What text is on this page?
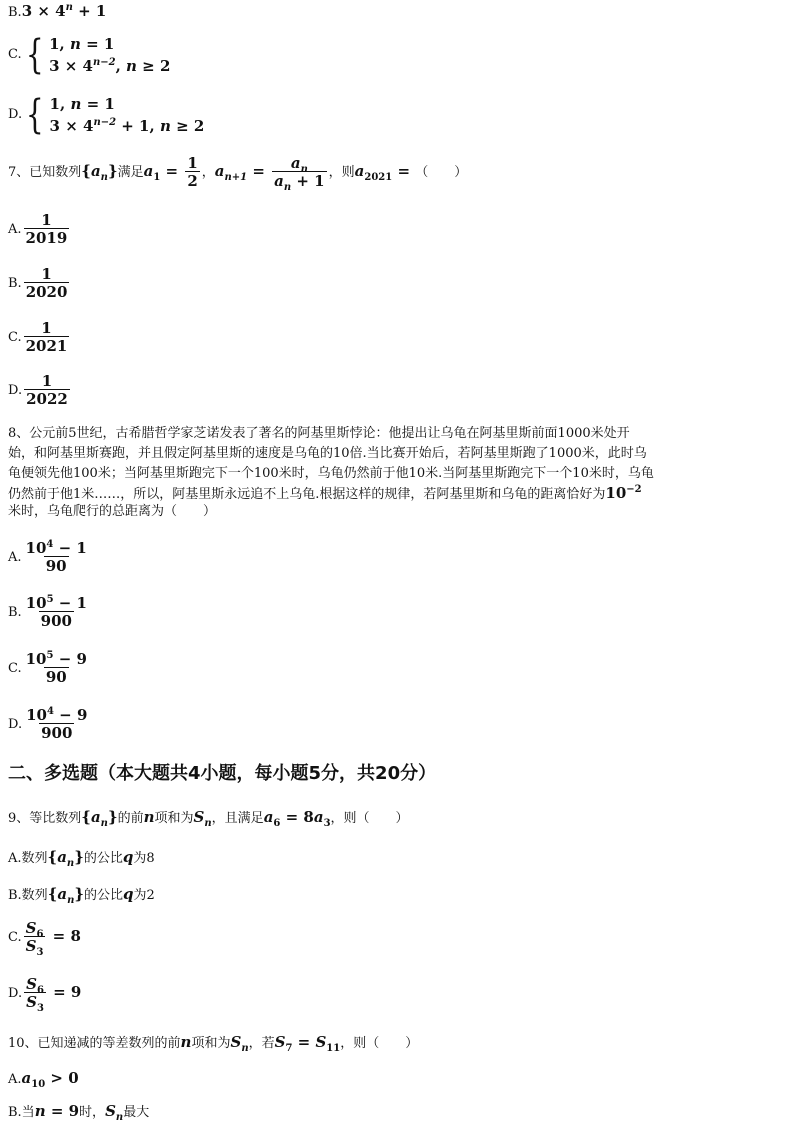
$B.3 \times 4^n + 1$
C. { 1, n = 1
$3 \times 4^{n-2}$, n ≥ 2
D. { 1, n = 1
$3 \times 4^{n-2} + 1$, n ≥ 2
7、已知数列$\{a_n\}$满足$a_1 = \frac{1}{2}$ ，$a_{n+1} = \frac{a_n}{a_n + 1}$ ，则$a_{2021}$ = （　　）
A. $\frac{1}{2019}$
B. $\frac{1}{2020}$
C. $\frac{1}{2021}$
D. $\frac{1}{2022}$
8、公元前5世纪，古希腊哲学家芝诺发表了著名的阿基里斯悖论：他提出让乌龟在阿基里斯前面1000米处开
始，和阿基里斯赛跑，并且假定阿基里斯的速度是乌龟的10倍.当比赛开始后，若阿基里斯跑了1000米，此时乌
龟便领先他100米；当阿基里斯跑完下一个100米时，乌龟仍然前于他10米.当阿基里斯跑完下一个10米时，乌龟
仍然前于他1米……，所以，阿基里斯永远追不上乌龟.根据这样的规律，若阿基里斯和乌龟的距离恰好为$10^{-2}$
米时，乌龟爬行的总距离为（　　）
A. $\frac{10^4 - 1}{90}$
B. $\frac{10^5 - 1}{900}$
C. $\frac{10^5 - 9}{90}$
D. $\frac{10^4 - 9}{900}$
二、多选题（本大题共4小题，每小题5分，共20分）
9、等比数列$\{a_n\}$的前n项和为$S_n$，且满足$a_6 = 8a_3$，则（　　）
A.数列$\{a_n\}$的公比q为8
B.数列$\{a_n\}$的公比q为2
C. $\frac{S_6}{S_3} = 8$
D. $\frac{S_6}{S_3} = 9$
10、已知递减的等差数列的前n项和为$S_n$，若$S_7 = S_{11}$，则（　　）
$A.a_{10} > 0$
B.当n = 9时，$S_n$最大
